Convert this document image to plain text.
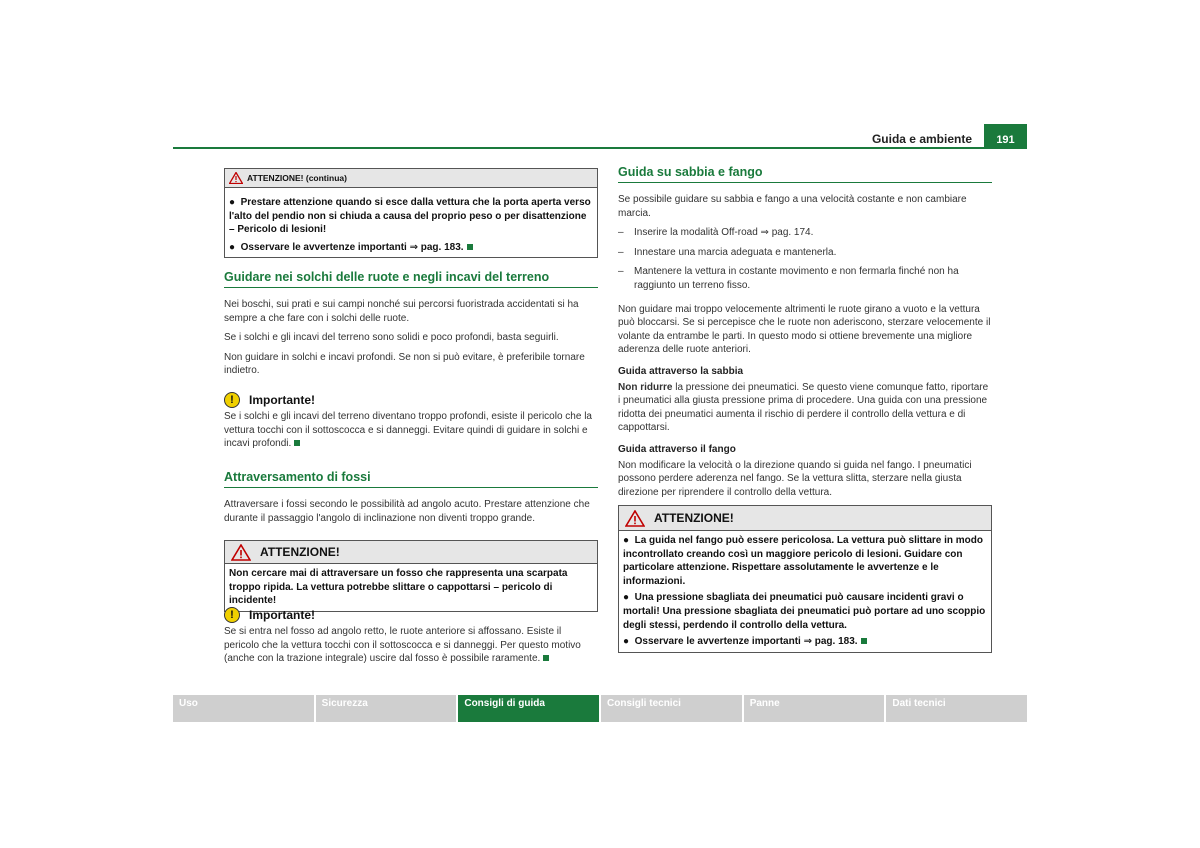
Guida e ambiente	191
ATTENZIONE! (continua)

●  Prestare attenzione quando si esce dalla vettura che la porta aperta verso l'alto del pendio non si chiuda a causa del proprio peso o per disattenzione – Pericolo di lesioni!

●  Osservare le avvertenze importanti ⇒ pag. 183.

Guidare nei solchi delle ruote e negli incavi del terreno

Nei boschi, sui prati e sui campi nonché sui percorsi fuoristrada accidentati si ha sempre a che fare con i solchi delle ruote.

Se i solchi e gli incavi del terreno sono solidi e poco profondi, basta seguirli.

Non guidare in solchi e incavi profondi. Se non si può evitare, è preferibile tornare indietro.

!	Importante!

Se i solchi e gli incavi del terreno diventano troppo profondi, esiste il pericolo che la vettura tocchi con il sottoscocca e si danneggi. Evitare quindi di guidare in solchi e incavi profondi.

Attraversamento di fossi

Attraversare i fossi secondo le possibilità ad angolo acuto. Prestare attenzione che durante il passaggio l'angolo di inclinazione non diventi troppo grande.

ATTENZIONE!

Non cercare mai di attraversare un fosso che rappresenta una scarpata troppo ripida. La vettura potrebbe slittare o cappottarsi – pericolo di incidente!

!	Importante!

Se si entra nel fosso ad angolo retto, le ruote anteriore si affossano. Esiste il pericolo che la vettura tocchi con il sottoscocca e si danneggi. Per questo motivo (anche con la trazione integrale) uscire dal fosso è possibile raramente.

Guida su sabbia e fango

Se possibile guidare su sabbia e fango a una velocità costante e non cambiare marcia.

–	Inserire la modalità Off-road ⇒ pag. 174.
–	Innestare una marcia adeguata e mantenerla.
–	Mantenere la vettura in costante movimento e non fermarla finché non ha raggiunto un terreno fisso.

Non guidare mai troppo velocemente altrimenti le ruote girano a vuoto e la vettura può bloccarsi. Se si percepisce che le ruote non aderiscono, sterzare velocemente il volante da entrambe le parti. In questo modo si ottiene brevemente una migliore aderenza delle ruote anteriori.

Guida attraverso la sabbia

Non ridurre la pressione dei pneumatici. Se questo viene comunque fatto, riportare i pneumatici alla giusta pressione prima di procedere. Una guida con una pressione ridotta dei pneumatici aumenta il rischio di perdere il controllo della vettura e di cappottarsi.

Guida attraverso il fango

Non modificare la velocità o la direzione quando si guida nel fango. I pneumatici possono perdere aderenza nel fango. Se la vettura slitta, sterzare nella giusta direzione per riprendere il controllo della vettura.

ATTENZIONE!

●  La guida nel fango può essere pericolosa. La vettura può slittare in modo incontrollato creando così un maggiore pericolo di lesioni. Guidare con particolare attenzione. Rispettare assolutamente le avvertenze e le informazioni.

●  Una pressione sbagliata dei pneumatici può causare incidenti gravi o mortali! Una pressione sbagliata dei pneumatici può portare ad uno scoppio degli stessi, perdendo il controllo della vettura.

●  Osservare le avvertenze importanti ⇒ pag. 183.

Uso	Sicurezza	Consigli di guida	Consigli tecnici	Panne	Dati tecnici
